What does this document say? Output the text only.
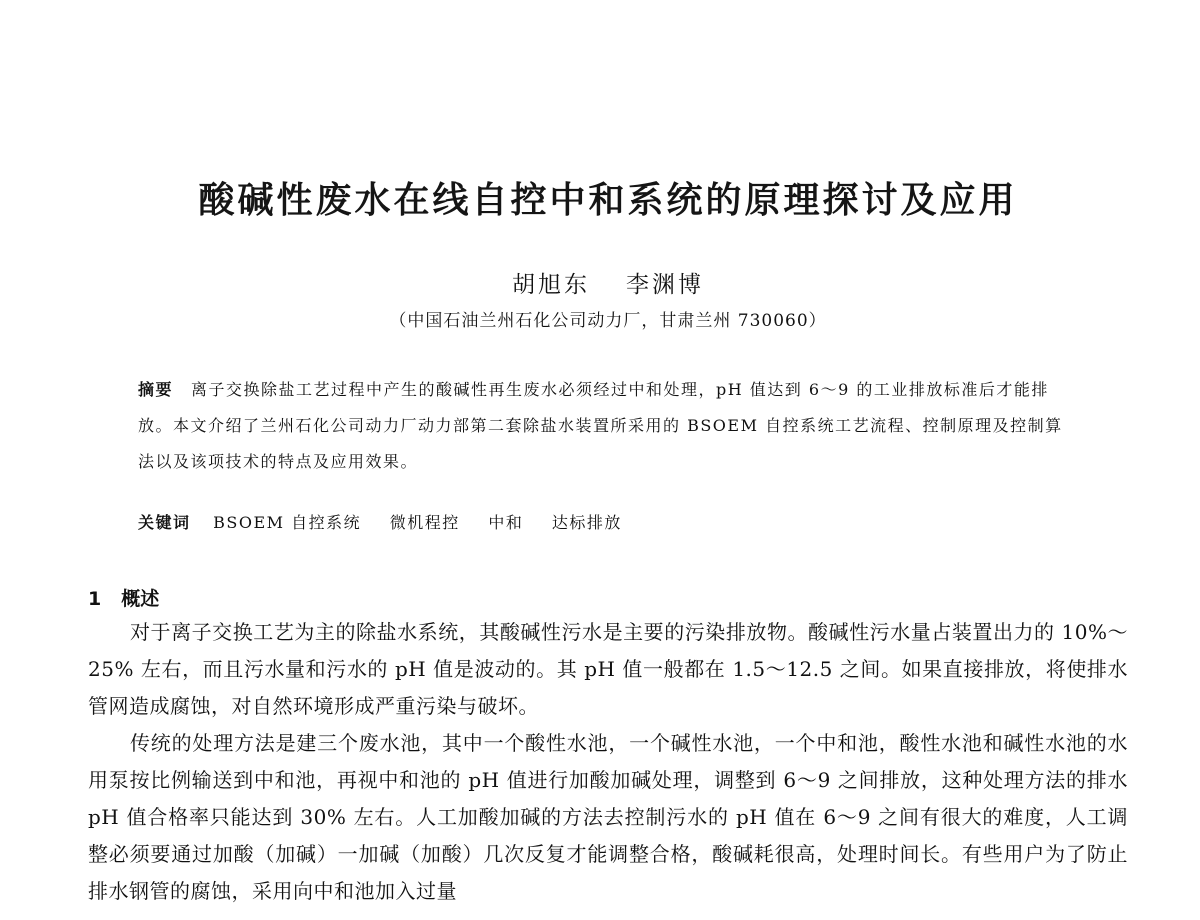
酸碱性废水在线自控中和系统的原理探讨及应用
胡旭东 李渊博
（中国石油兰州石化公司动力厂，甘肃兰州 730060）
摘要 离子交换除盐工艺过程中产生的酸碱性再生废水必须经过中和处理，pH 值达到 6～9 的工业排放标准后才能排放。本文介绍了兰州石化公司动力厂动力部第二套除盐水装置所采用的 BSOEM 自控系统工艺流程、控制原理及控制算法以及该项技术的特点及应用效果。
关键词 BSOEM 自控系统 微机程控 中和 达标排放
1 概述

对于离子交换工艺为主的除盐水系统，其酸碱性污水是主要的污染排放物。酸碱性污水量占装置出力的 10%～25% 左右，而且污水量和污水的 pH 值是波动的。其 pH 值一般都在 1.5～12.5 之间。如果直接排放，将使排水管网造成腐蚀，对自然环境形成严重污染与破坏。

传统的处理方法是建三个废水池，其中一个酸性水池，一个碱性水池，一个中和池，酸性水池和碱性水池的水用泵按比例输送到中和池，再视中和池的 pH 值进行加酸加碱处理，调整到 6～9 之间排放，这种处理方法的排水 pH 值合格率只能达到 30% 左右。人工加酸加碱的方法去控制污水的 pH 值在 6～9 之间有很大的难度，人工调整必须要通过加酸（加碱）一加碱（加酸）几次反复才能调整合格，酸碱耗很高，处理时间长。有些用户为了防止排水钢管的腐蚀，采用向中和池加入过量
